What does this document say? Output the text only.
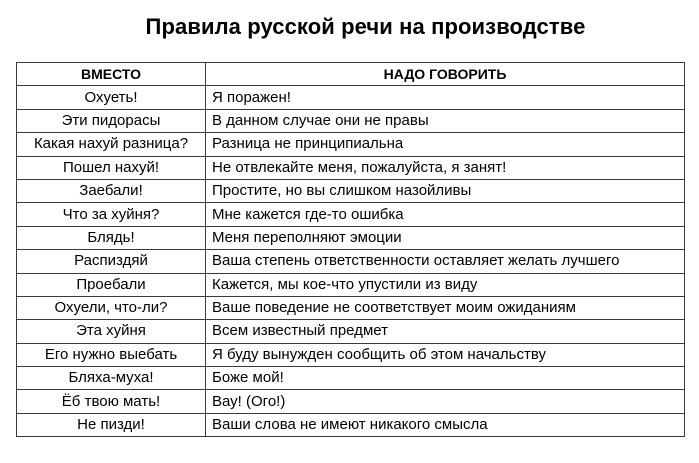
Правила русской речи на производстве
ВМЕСТО	НАДО ГОВОРИТЬ
Охуеть!	Я поражен!
Эти пидорасы	В данном случае они не правы
Какая нахуй разница?	Разница не принципиальна
Пошел нахуй!	Не отвлекайте меня, пожалуйста, я занят!
Заебали!	Простите, но вы слишком назойливы
Что за хуйня?	Мне кажется где-то ошибка
Блядь!	Меня переполняют эмоции
Распиздяй	Ваша степень ответственности оставляет желать лучшего
Проебали	Кажется, мы кое-что упустили из виду
Охуели, что-ли?	Ваше поведение не соответствует моим ожиданиям
Эта хуйня	Всем известный предмет
Его нужно выебать	Я буду вынужден сообщить об этом начальству
Бляха-муха!	Боже мой!
Ёб твою мать!	Вау! (Ого!)
Не пизди!	Ваши слова не имеют никакого смысла
